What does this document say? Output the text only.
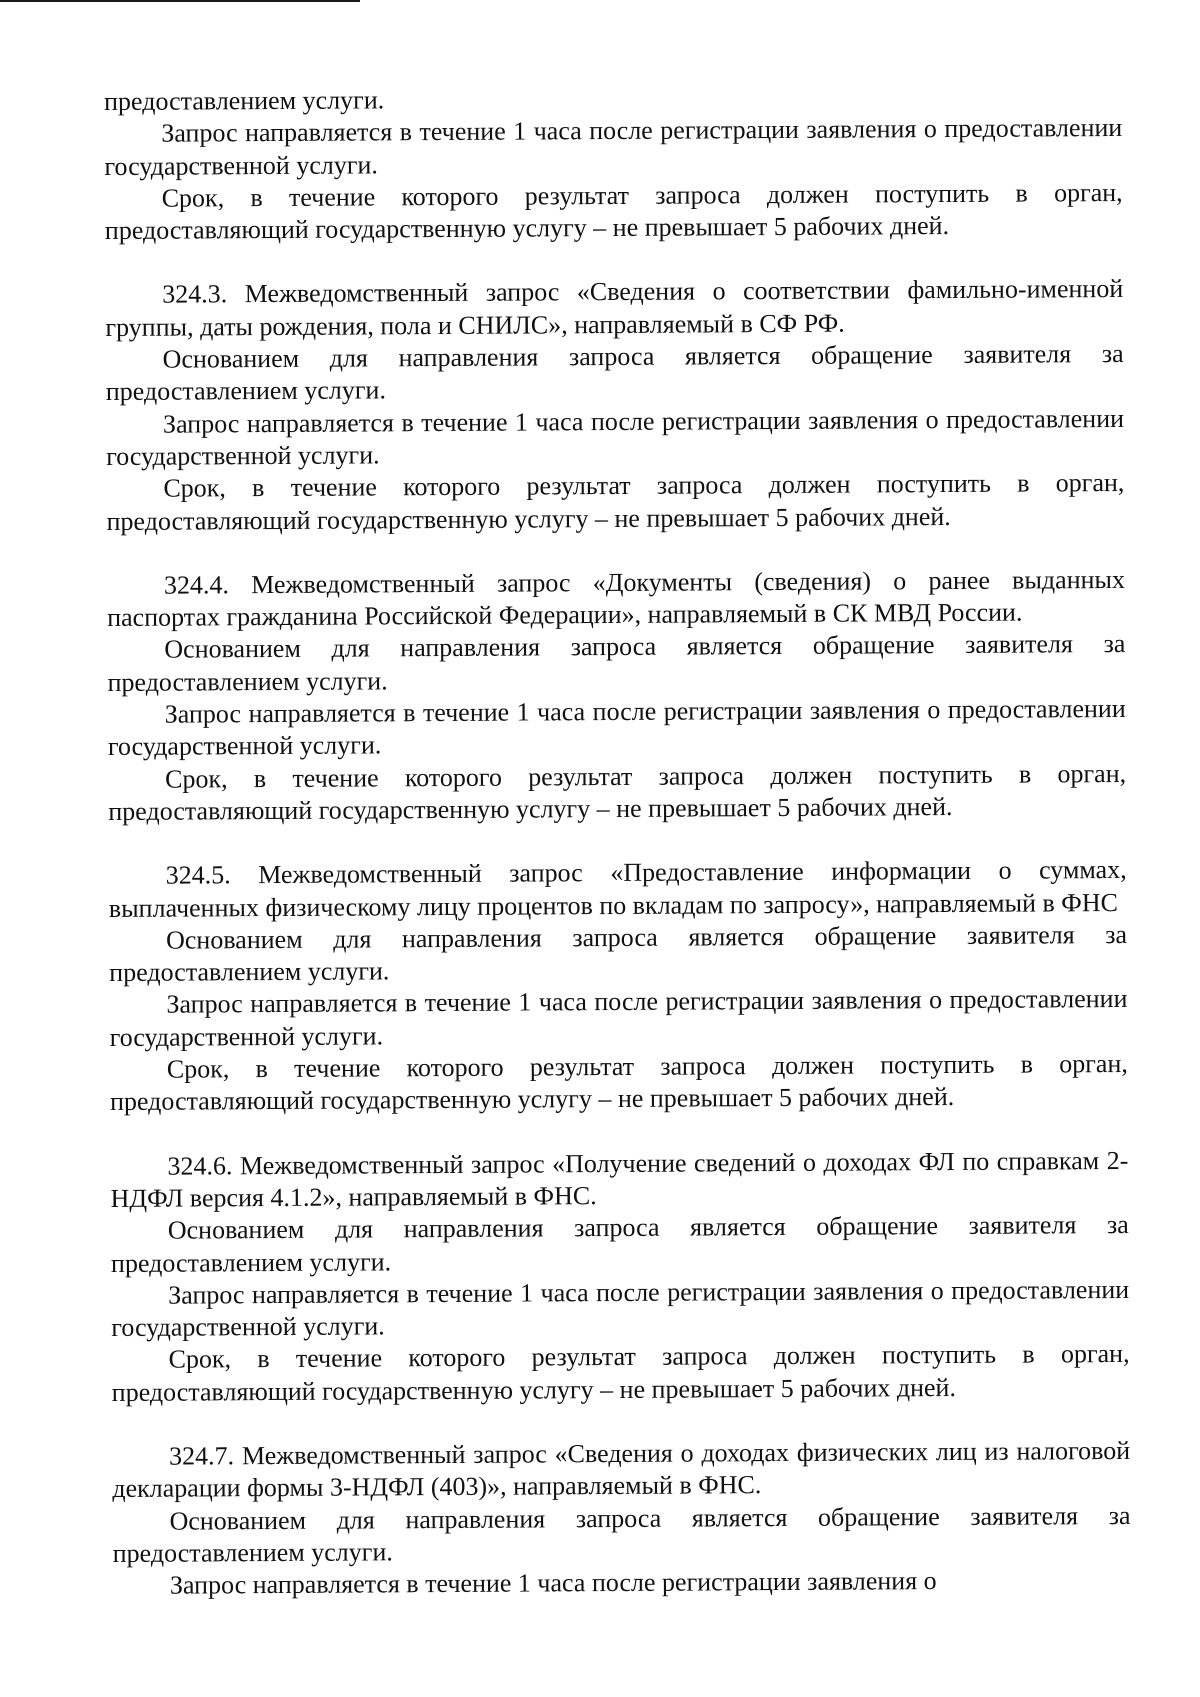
предоставлением услуги.

Запрос направляется в течение 1 часа после регистрации заявления о предоставлении государственной услуги.

Срок, в течение которого результат запроса должен поступить в орган, предоставляющий государственную услугу – не превышает 5 рабочих дней.

324.3. Межведомственный запрос «Сведения о соответствии фамильно-именной группы, даты рождения, пола и СНИЛС», направляемый в СФ РФ.

Основанием для направления запроса является обращение заявителя за предоставлением услуги.

Запрос направляется в течение 1 часа после регистрации заявления о предоставлении государственной услуги.

Срок, в течение которого результат запроса должен поступить в орган, предоставляющий государственную услугу – не превышает 5 рабочих дней.

324.4. Межведомственный запрос «Документы (сведения) о ранее выданных паспортах гражданина Российской Федерации», направляемый в СК МВД России.

Основанием для направления запроса является обращение заявителя за предоставлением услуги.

Запрос направляется в течение 1 часа после регистрации заявления о предоставлении государственной услуги.

Срок, в течение которого результат запроса должен поступить в орган, предоставляющий государственную услугу – не превышает 5 рабочих дней.

324.5. Межведомственный запрос «Предоставление информации о суммах, выплаченных физическому лицу процентов по вкладам по запросу», направляемый в ФНС

Основанием для направления запроса является обращение заявителя за предоставлением услуги.

Запрос направляется в течение 1 часа после регистрации заявления о предоставлении государственной услуги.

Срок, в течение которого результат запроса должен поступить в орган, предоставляющий государственную услугу – не превышает 5 рабочих дней.

324.6. Межведомственный запрос «Получение сведений о доходах ФЛ по справкам 2-НДФЛ версия 4.1.2», направляемый в ФНС.

Основанием для направления запроса является обращение заявителя за предоставлением услуги.

Запрос направляется в течение 1 часа после регистрации заявления о предоставлении государственной услуги.

Срок, в течение которого результат запроса должен поступить в орган, предоставляющий государственную услугу – не превышает 5 рабочих дней.

324.7. Межведомственный запрос «Сведения о доходах физических лиц из налоговой декларации формы 3-НДФЛ (403)», направляемый в ФНС.

Основанием для направления запроса является обращение заявителя за предоставлением услуги.

Запрос направляется в течение 1 часа после регистрации заявления о
